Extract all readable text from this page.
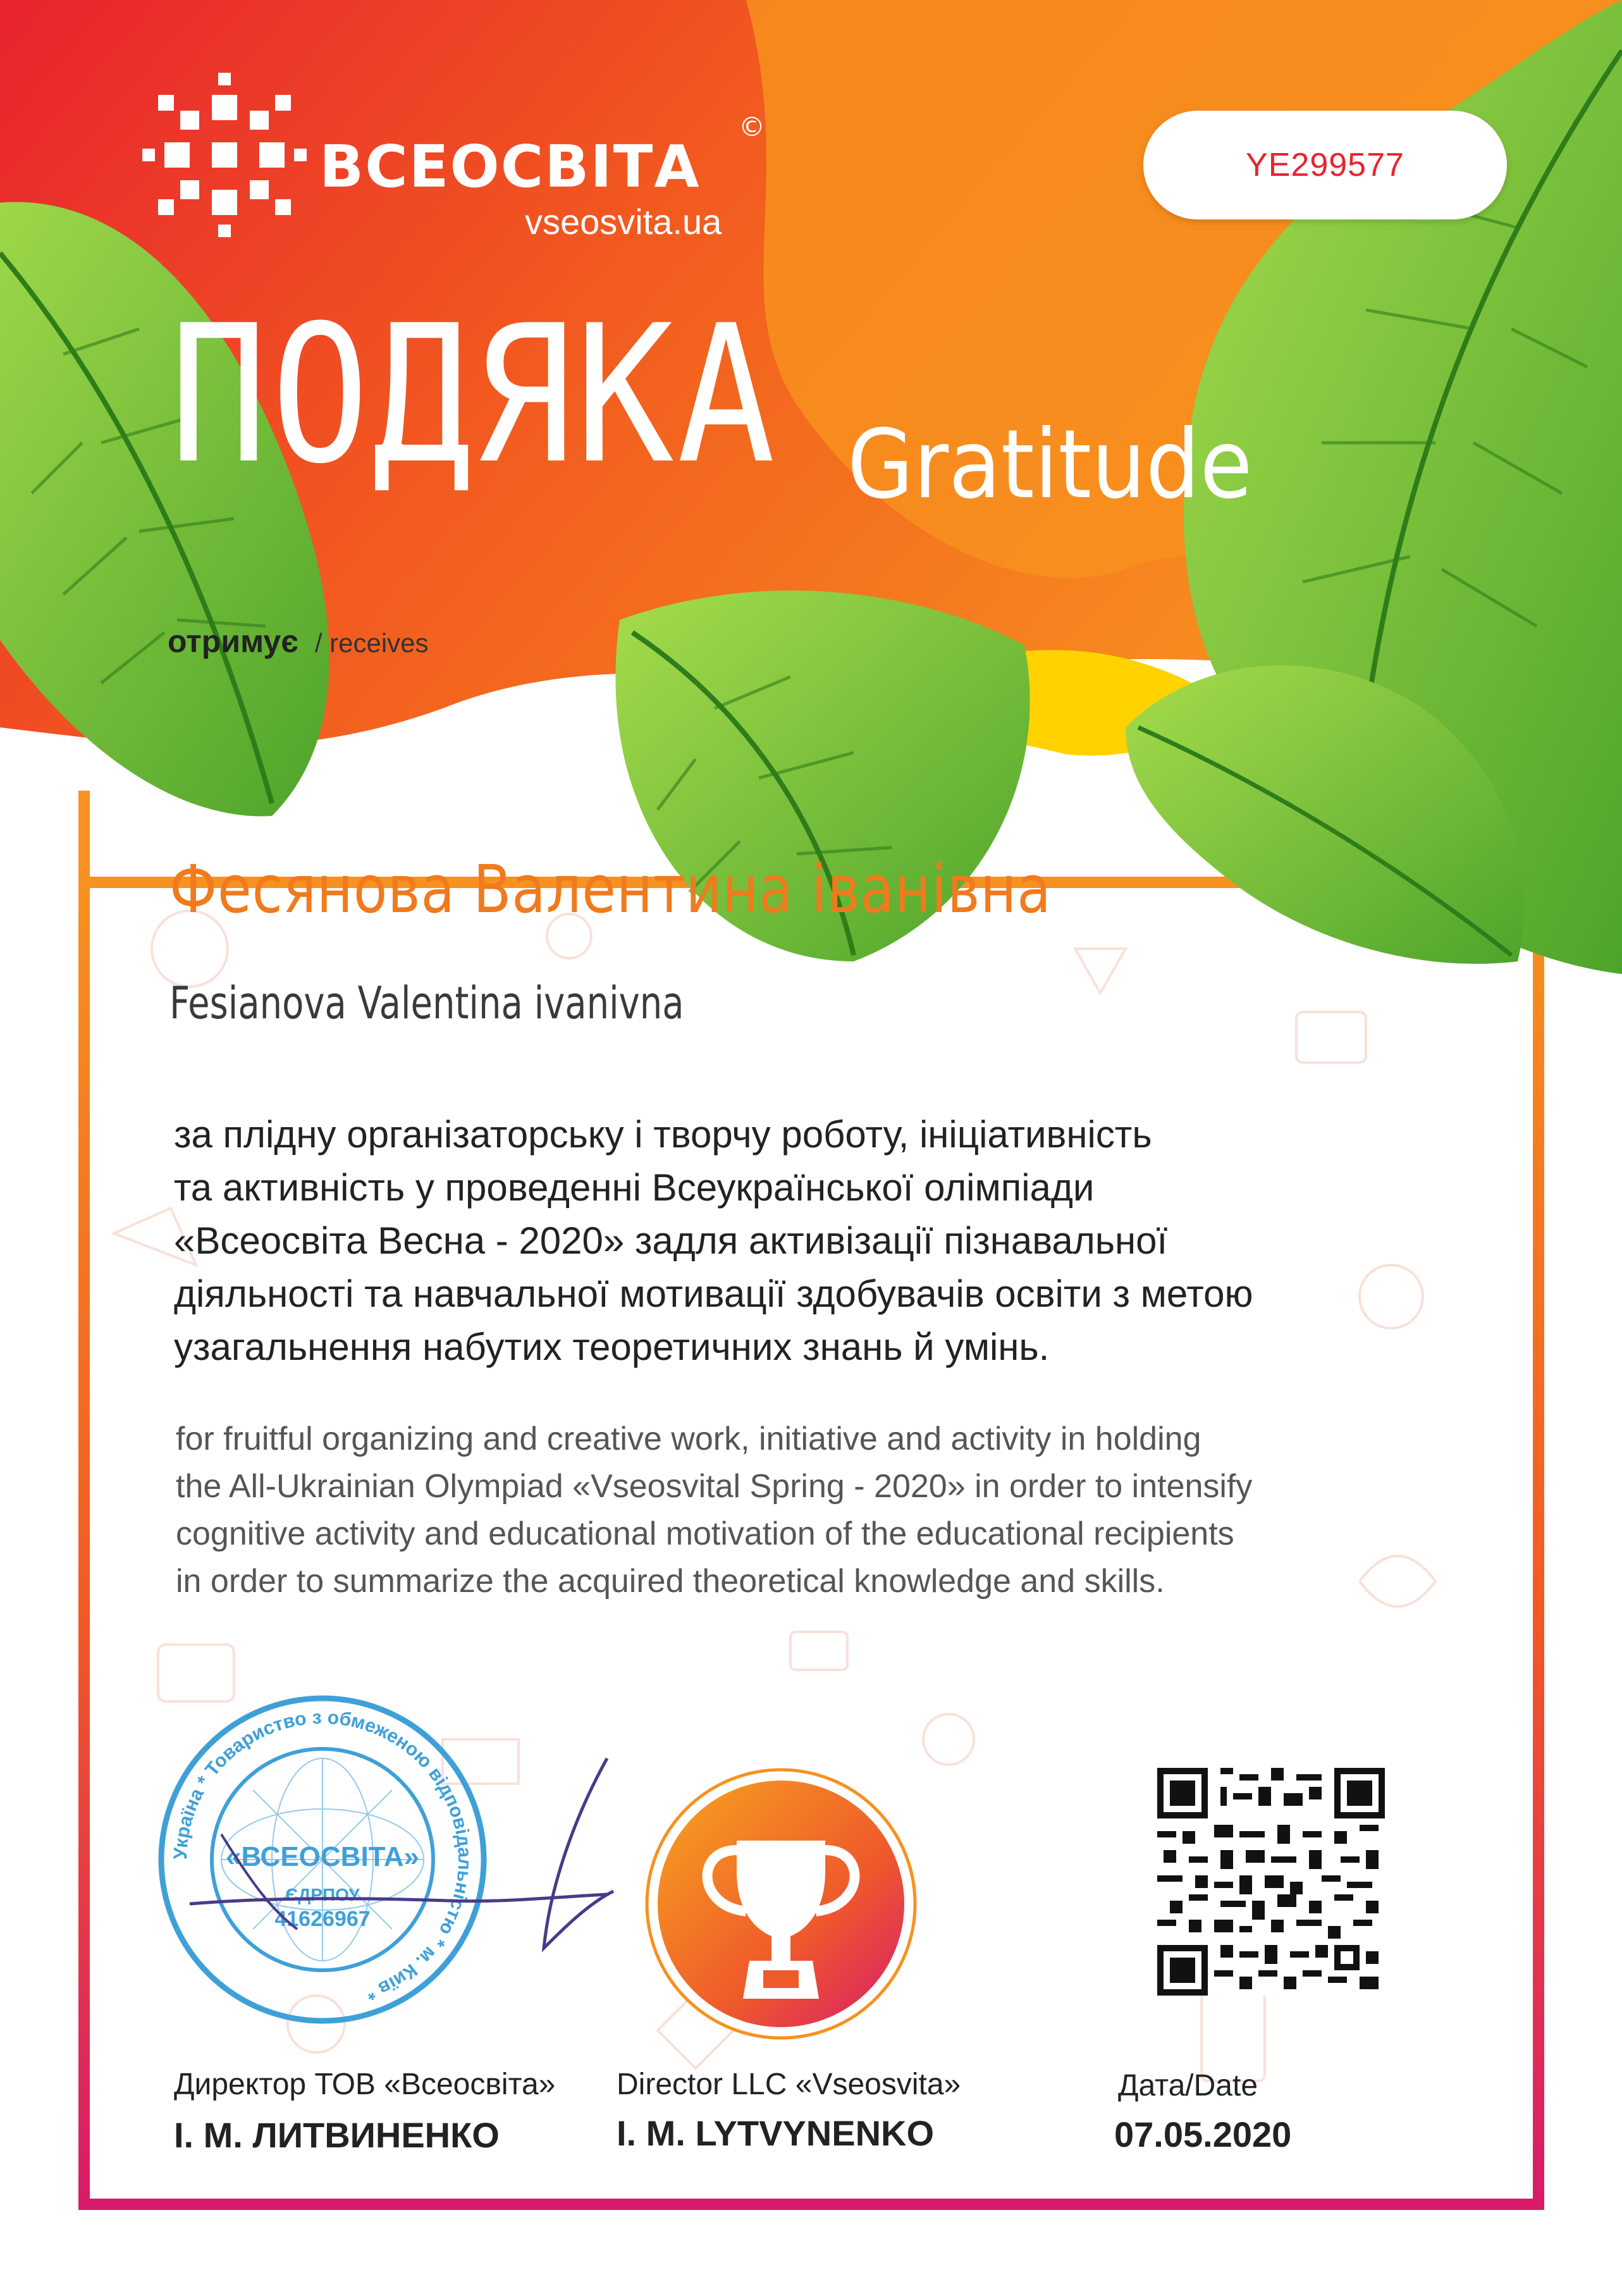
YE299577
ВСЕОСВІТА
©
vseosvita.ua
ПОДЯКА Gratitude
отримує / receives
Фесянова Валентина іванівна
Fesianova Valentina ivanivna

за плідну організаторську і творчу роботу, ініціативність
та активність у проведенні Всеукраїнської олімпіади
«Всеосвіта Весна - 2020» задля активізації пізнавальної
діяльності та навчальної мотивації здобувачів освіти з метою
узагальнення набутих теоретичних знань й умінь.

for fruitful organizing and creative work, initiative and activity in holding
the All-Ukrainian Olympiad «Vseosvital Spring - 2020» in order to intensify
cognitive activity and educational motivation of the educational recipients
in order to summarize the acquired theoretical knowledge and skills.

Україна * Товариство з обмеженою відповідальністю * м. Київ *
«ВСЕОСВІТА»
ЄДРПОУ
41626967
Директор ТОВ «Всеосвіта»
І. М. ЛИТВИНЕНКО
Director LLC «Vseosvita»
I. M. LYTVYNENKO
Дата/Date
07.05.2020
